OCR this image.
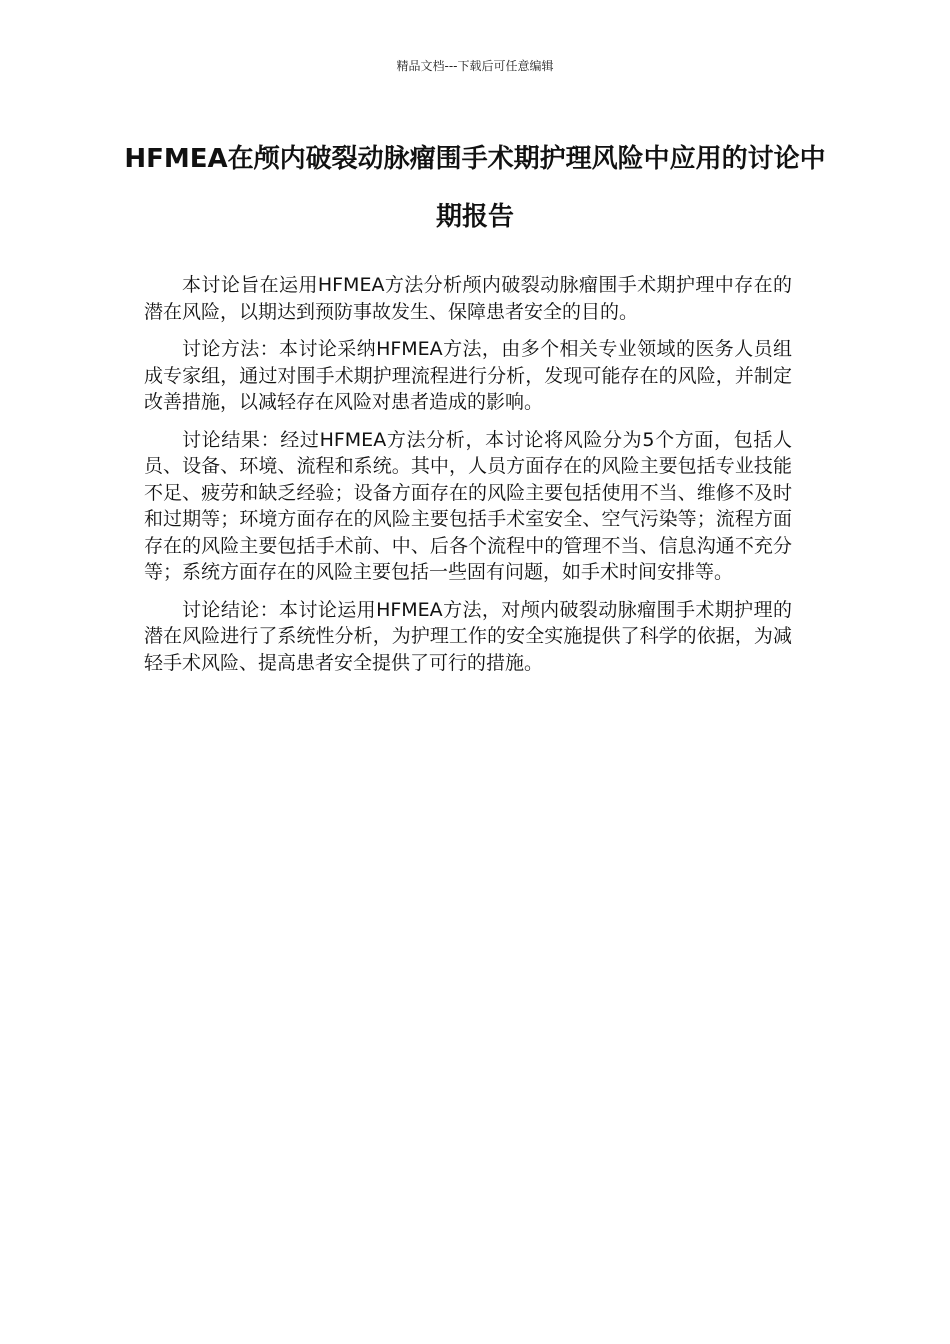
精品文档---下载后可任意编辑
HFMEA在颅内破裂动脉瘤围手术期护理风险中应用的讨论中期报告

本讨论旨在运用HFMEA方法分析颅内破裂动脉瘤围手术期护理中存在的潜在风险，以期达到预防事故发生、保障患者安全的目的。

讨论方法：本讨论采纳HFMEA方法，由多个相关专业领域的医务人员组成专家组，通过对围手术期护理流程进行分析，发现可能存在的风险，并制定改善措施，以减轻存在风险对患者造成的影响。

讨论结果：经过HFMEA方法分析，本讨论将风险分为5个方面，包括人员、设备、环境、流程和系统。其中，人员方面存在的风险主要包括专业技能不足、疲劳和缺乏经验；设备方面存在的风险主要包括使用不当、维修不及时和过期等；环境方面存在的风险主要包括手术室安全、空气污染等；流程方面存在的风险主要包括手术前、中、后各个流程中的管理不当、信息沟通不充分等；系统方面存在的风险主要包括一些固有问题，如手术时间安排等。

讨论结论：本讨论运用HFMEA方法，对颅内破裂动脉瘤围手术期护理的潜在风险进行了系统性分析，为护理工作的安全实施提供了科学的依据，为减轻手术风险、提高患者安全提供了可行的措施。
